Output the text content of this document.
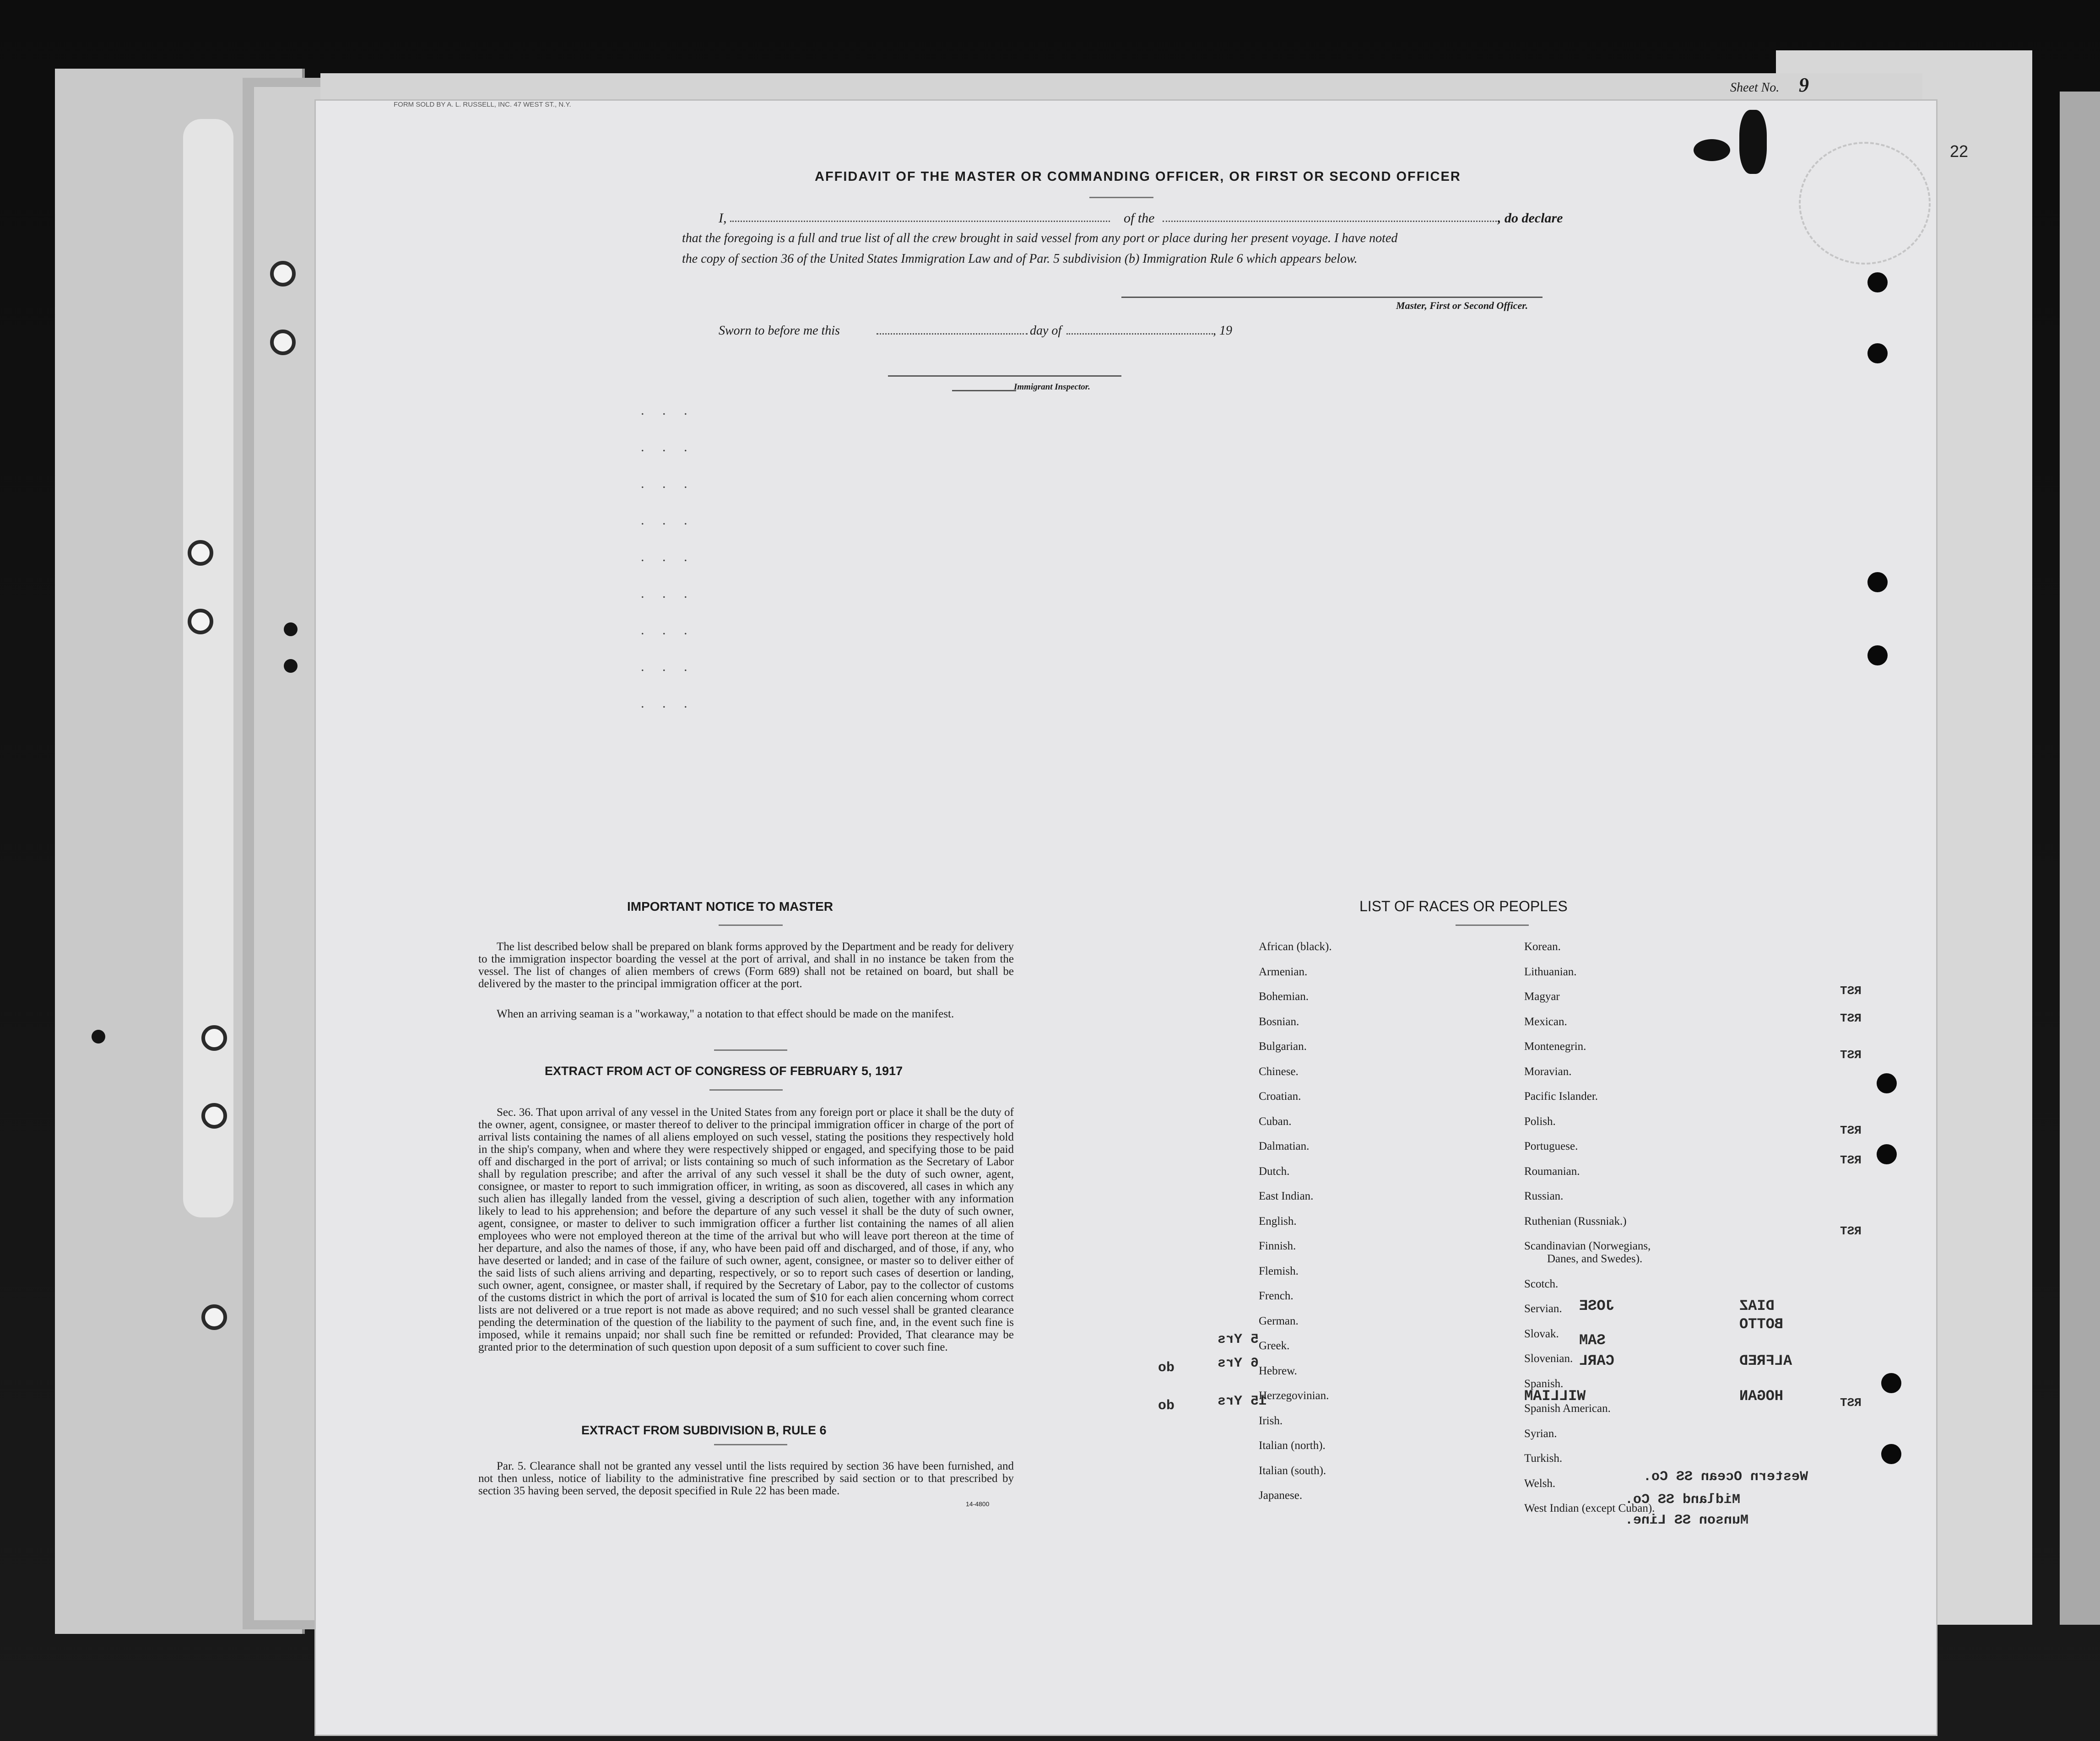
FORM SOLD BY A. L. RUSSELL, INC. 47 WEST ST., N.Y.
Sheet No. 9
AFFIDAVIT OF THE MASTER OR COMMANDING OFFICER, OR FIRST OR SECOND OFFICER
I,	of the	, do declare
that the foregoing is a full and true list of all the crew brought in said vessel from any port or place during her present voyage. I have noted
the copy of section 36 of the United States Immigration Law and of Par. 5 subdivision (b) Immigration Rule 6 which appears below.
Master, First or Second Officer.
Sworn to before me this	day of	, 19
Immigrant Inspector.
. . .
. . .
. . .
. . .
. . .
. . .
. . .
. . .
. . .
IMPORTANT NOTICE TO MASTER
The list described below shall be prepared on blank forms approved by the Department and be ready for delivery to the immigration inspector boarding the vessel at the port of arrival, and shall in no instance be taken from the vessel. The list of changes of alien members of crews (Form 689) shall not be retained on board, but shall be delivered by the master to the principal immigration officer at the port.
When an arriving seaman is a "workaway," a notation to that effect should be made on the manifest.
EXTRACT FROM ACT OF CONGRESS OF FEBRUARY 5, 1917
Sec. 36. That upon arrival of any vessel in the United States from any foreign port or place it shall be the duty of the owner, agent, consignee, or master thereof to deliver to the principal immigration officer in charge of the port of arrival lists containing the names of all aliens employed on such vessel, stating the positions they respectively hold in the ship's company, when and where they were respectively shipped or engaged, and specifying those to be paid off and discharged in the port of arrival; or lists containing so much of such information as the Secretary of Labor shall by regulation prescribe; and after the arrival of any such vessel it shall be the duty of such owner, agent, consignee, or master to report to such immigration officer, in writing, as soon as discovered, all cases in which any such alien has illegally landed from the vessel, giving a description of such alien, together with any information likely to lead to his apprehension; and before the departure of any such vessel it shall be the duty of such owner, agent, consignee, or master to deliver to such immigration officer a further list containing the names of all alien employees who were not employed thereon at the time of the arrival but who will leave port thereon at the time of her departure, and also the names of those, if any, who have been paid off and discharged, and of those, if any, who have deserted or landed; and in case of the failure of such owner, agent, consignee, or master so to deliver either of the said lists of such aliens arriving and departing, respectively, or so to report such cases of desertion or landing, such owner, agent, consignee, or master shall, if required by the Secretary of Labor, pay to the collector of customs of the customs district in which the port of arrival is located the sum of $10 for each alien concerning whom correct lists are not delivered or a true report is not made as above required; and no such vessel shall be granted clearance pending the determination of the question of the liability to the payment of such fine, and, in the event such fine is imposed, while it remains unpaid; nor shall such fine be remitted or refunded: Provided, That clearance may be granted prior to the determination of such question upon deposit of a sum sufficient to cover such fine.
EXTRACT FROM SUBDIVISION B, RULE 6
Par. 5. Clearance shall not be granted any vessel until the lists required by section 36 have been furnished, and not then unless, notice of liability to the administrative fine prescribed by said section or to that prescribed by section 35 having been served, the deposit specified in Rule 22 has been made.
14-4800
LIST OF RACES OR PEOPLES
African (black).
Armenian.
Bohemian.
Bosnian.
Bulgarian.
Chinese.
Croatian.
Cuban.
Dalmatian.
Dutch.
East Indian.
English.
Finnish.
Flemish.
French.
German.
Greek.
Hebrew.
Herzegovinian.
Irish.
Italian (north).
Italian (south).
Japanese.
Korean.
Lithuanian.
Magyar
Mexican.
Montenegrin.
Moravian.
Pacific Islander.
Polish.
Portuguese.
Roumanian.
Russian.
Ruthenian (Russniak.)
Scandinavian (Norwegians,
Danes, and Swedes).
Scotch.
Servian.
Slovak.
Slovenian.
Spanish.
Spanish American.
Syrian.
Turkish.
Welsh.
West Indian (except Cuban).
DIAZ
BOTTO
ALFRED
HOGAN
JOSE
SAM
CARL
WILLIAM
5 Yrs
6 Yrs
15 Yrs
do
do
Western Ocean SS Co.
Midland SS Co.
Munson SS Line.
RST
RST
RST
RST
RST
RST
RST
22
